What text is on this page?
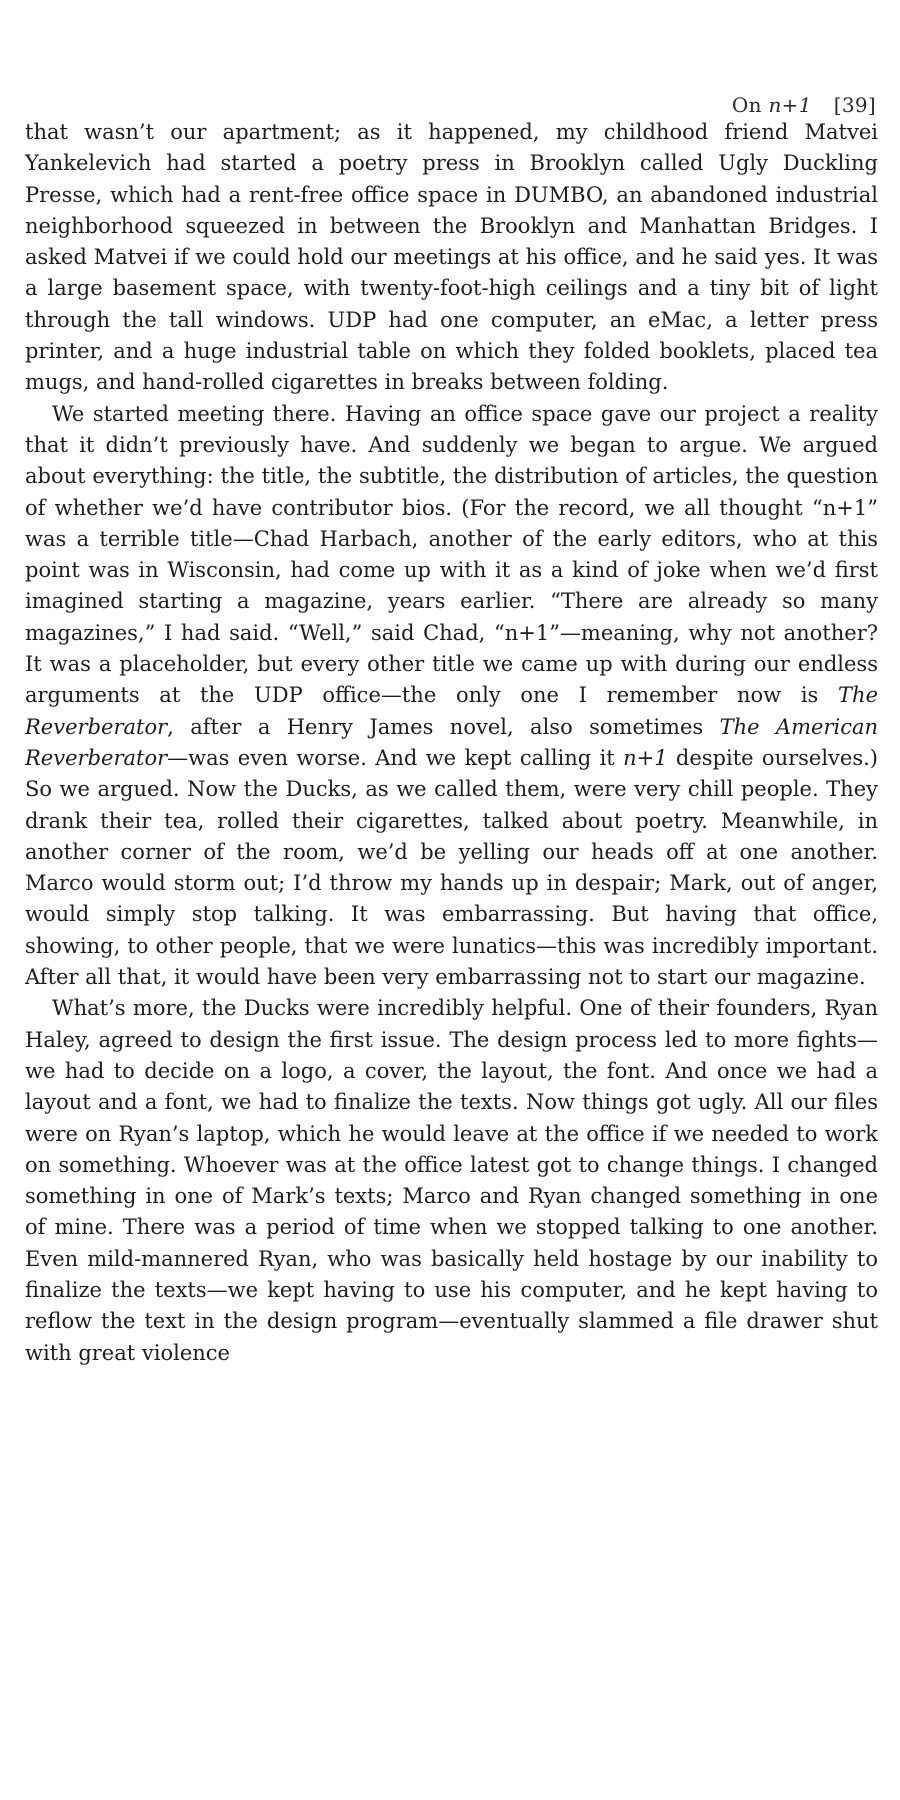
On n+1 [39]

that wasn’t our apartment; as it happened, my childhood friend Matvei Yankelevich had started a poetry press in Brooklyn called Ugly Duckling Presse, which had a rent-free office space in DUMBO, an abandoned industrial neighborhood squeezed in between the Brooklyn and Manhattan Bridges. I asked Matvei if we could hold our meetings at his office, and he said yes. It was a large basement space, with twenty-foot-high ceilings and a tiny bit of light through the tall windows. UDP had one computer, an eMac, a letter press printer, and a huge industrial table on which they folded booklets, placed tea mugs, and hand-rolled cigarettes in breaks between folding.

We started meeting there. Having an office space gave our project a reality that it didn’t previously have. And suddenly we began to argue. We argued about everything: the title, the subtitle, the distribution of articles, the question of whether we’d have contributor bios. (For the record, we all thought “n+1” was a terrible title—Chad Harbach, another of the early editors, who at this point was in Wisconsin, had come up with it as a kind of joke when we’d first imagined starting a magazine, years earlier. “There are already so many magazines,” I had said. “Well,” said Chad, “n+1”—meaning, why not another? It was a placeholder, but every other title we came up with during our endless arguments at the UDP office—the only one I remember now is The Reverberator, after a Henry James novel, also sometimes The American Reverberator—was even worse. And we kept calling it n+1 despite ourselves.) So we argued. Now the Ducks, as we called them, were very chill people. They drank their tea, rolled their cigarettes, talked about poetry. Meanwhile, in another corner of the room, we’d be yelling our heads off at one another. Marco would storm out; I’d throw my hands up in despair; Mark, out of anger, would simply stop talking. It was embarrassing. But having that office, showing, to other people, that we were lunatics—this was incredibly important. After all that, it would have been very embarrassing not to start our magazine.

What’s more, the Ducks were incredibly helpful. One of their founders, Ryan Haley, agreed to design the first issue. The design process led to more fights—we had to decide on a logo, a cover, the layout, the font. And once we had a layout and a font, we had to finalize the texts. Now things got ugly. All our files were on Ryan’s laptop, which he would leave at the office if we needed to work on something. Whoever was at the office latest got to change things. I changed something in one of Mark’s texts; Marco and Ryan changed something in one of mine. There was a period of time when we stopped talking to one another. Even mild-mannered Ryan, who was basically held hostage by our inability to finalize the texts—we kept having to use his computer, and he kept having to reflow the text in the design program—eventually slammed a file drawer shut with great violence
